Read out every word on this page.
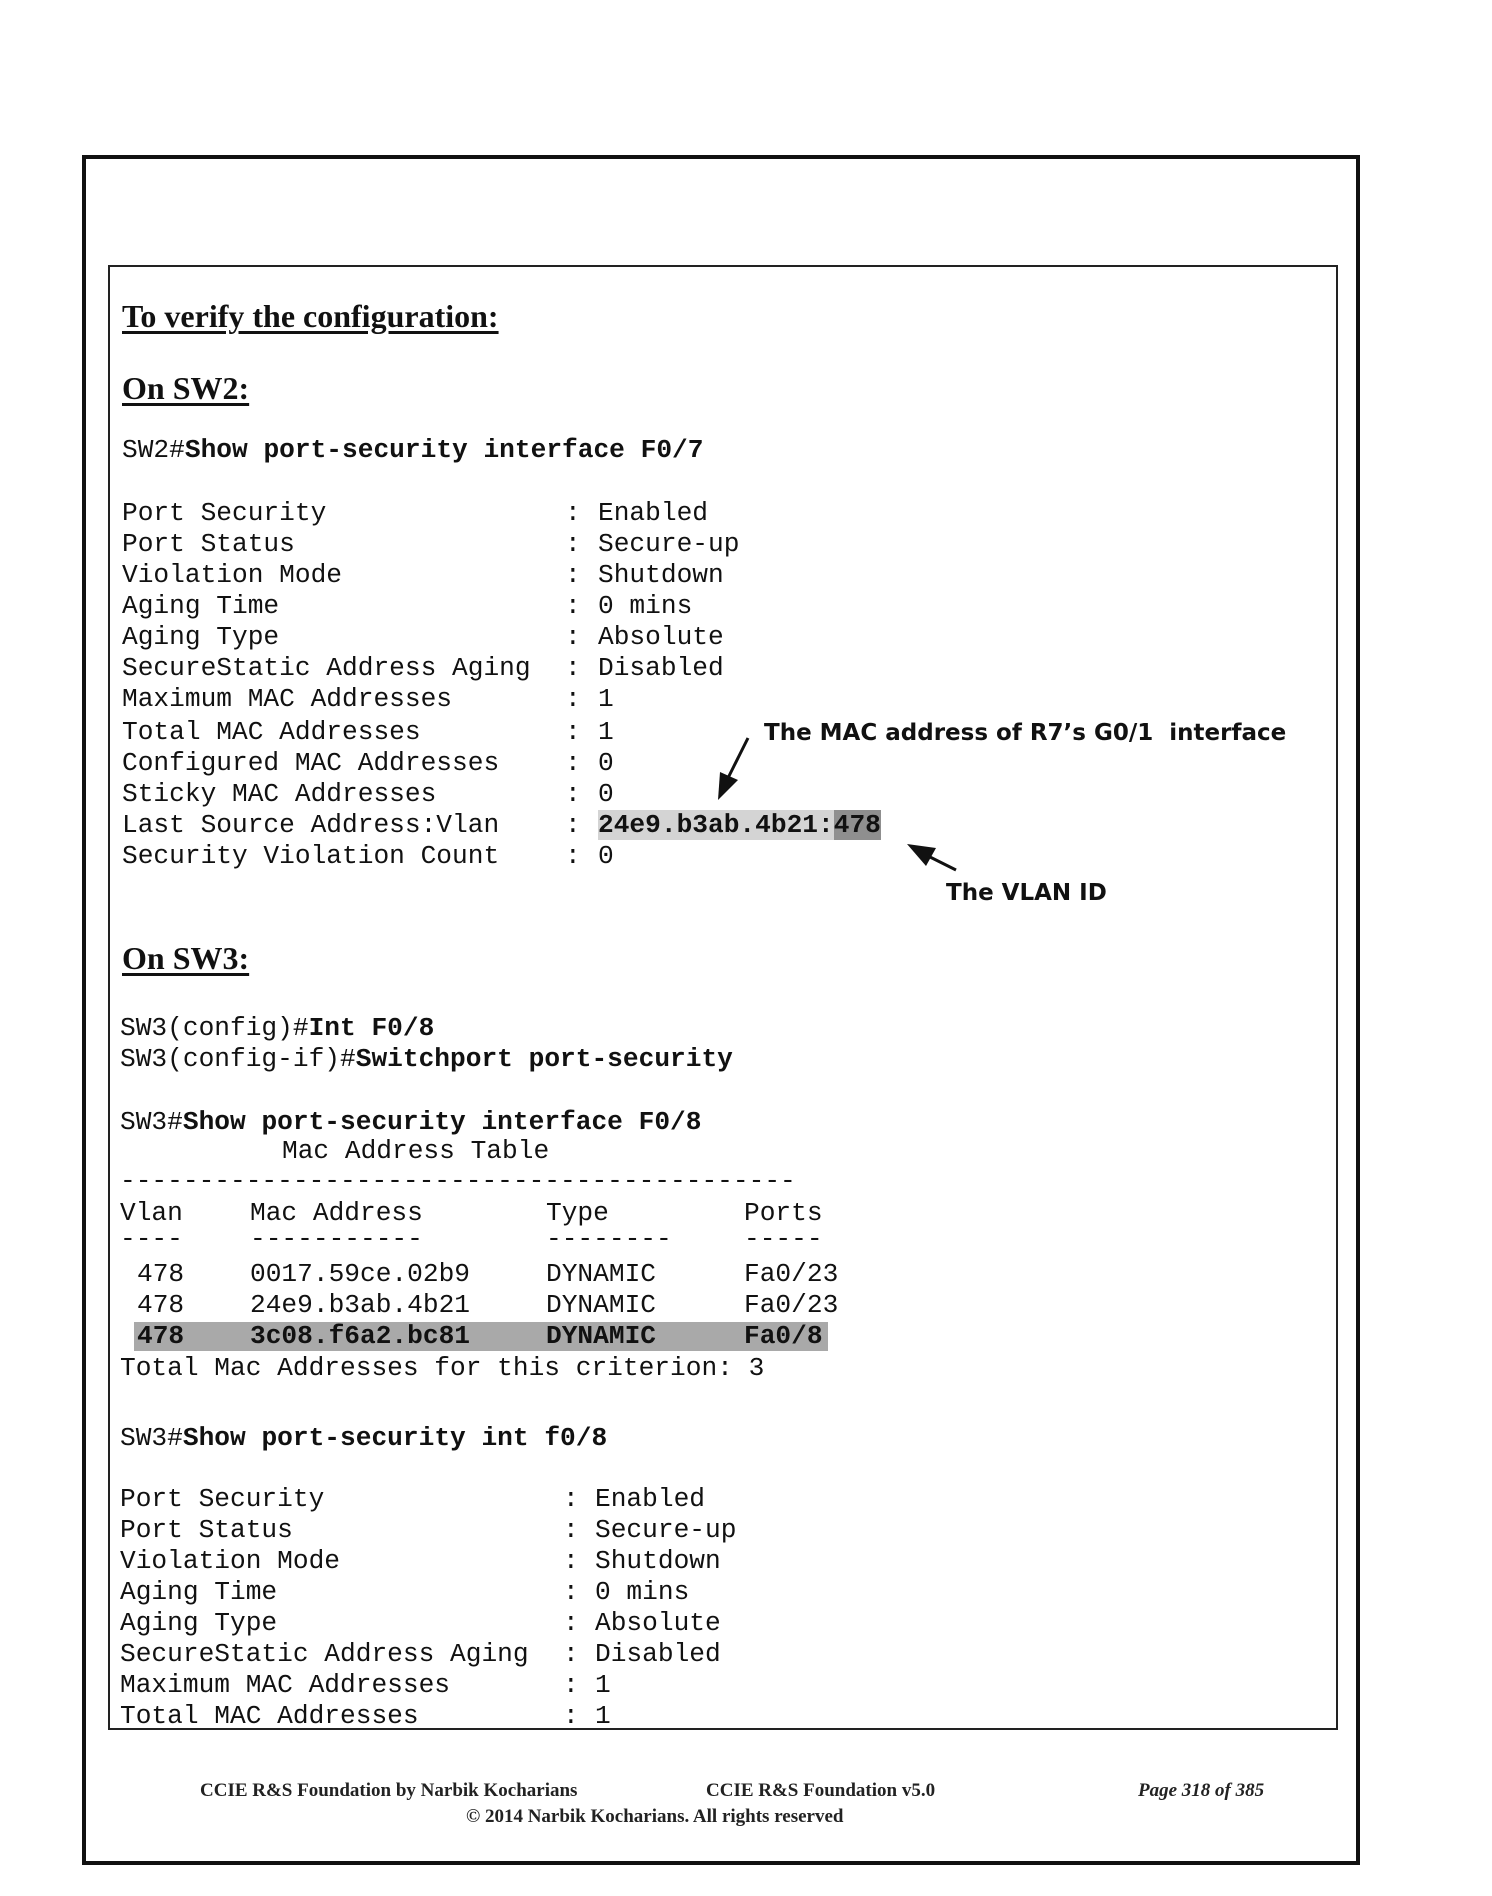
To verify the configuration:
On SW2:
SW2#Show port-security interface F0/7
Port Security	: Enabled
Port Status	: Secure-up
Violation Mode	: Shutdown
Aging Time	: 0 mins
Aging Type	: Absolute
SecureStatic Address Aging : Disabled
Maximum MAC Addresses	: 1
Total MAC Addresses	: 1
Configured MAC Addresses	: 0
Sticky MAC Addresses	: 0
Last Source Address:Vlan	: 24e9.b3ab.4b21:478
Security Violation Count	: 0
The MAC address of R7’s G0/1  interface
The VLAN ID
On SW3:
SW3(config)#Int F0/8
SW3(config-if)#Switchport port-security
SW3#Show port-security interface F0/8
Mac Address Table
-------------------------------------------
Vlan	Mac Address	Type	Ports
----	-----------	--------	-----
478	0017.59ce.02b9	DYNAMIC	Fa0/23
478	24e9.b3ab.4b21	DYNAMIC	Fa0/23
478	3c08.f6a2.bc81	DYNAMIC	Fa0/8
Total Mac Addresses for this criterion: 3
SW3#Show port-security int f0/8
Port Security	: Enabled
Port Status	: Secure-up
Violation Mode	: Shutdown
Aging Time	: 0 mins
Aging Type	: Absolute
SecureStatic Address Aging : Disabled
Maximum MAC Addresses	: 1
Total MAC Addresses	: 1
CCIE R&S Foundation by Narbik Kocharians	CCIE R&S Foundation v5.0	Page 318 of 385
© 2014 Narbik Kocharians. All rights reserved
